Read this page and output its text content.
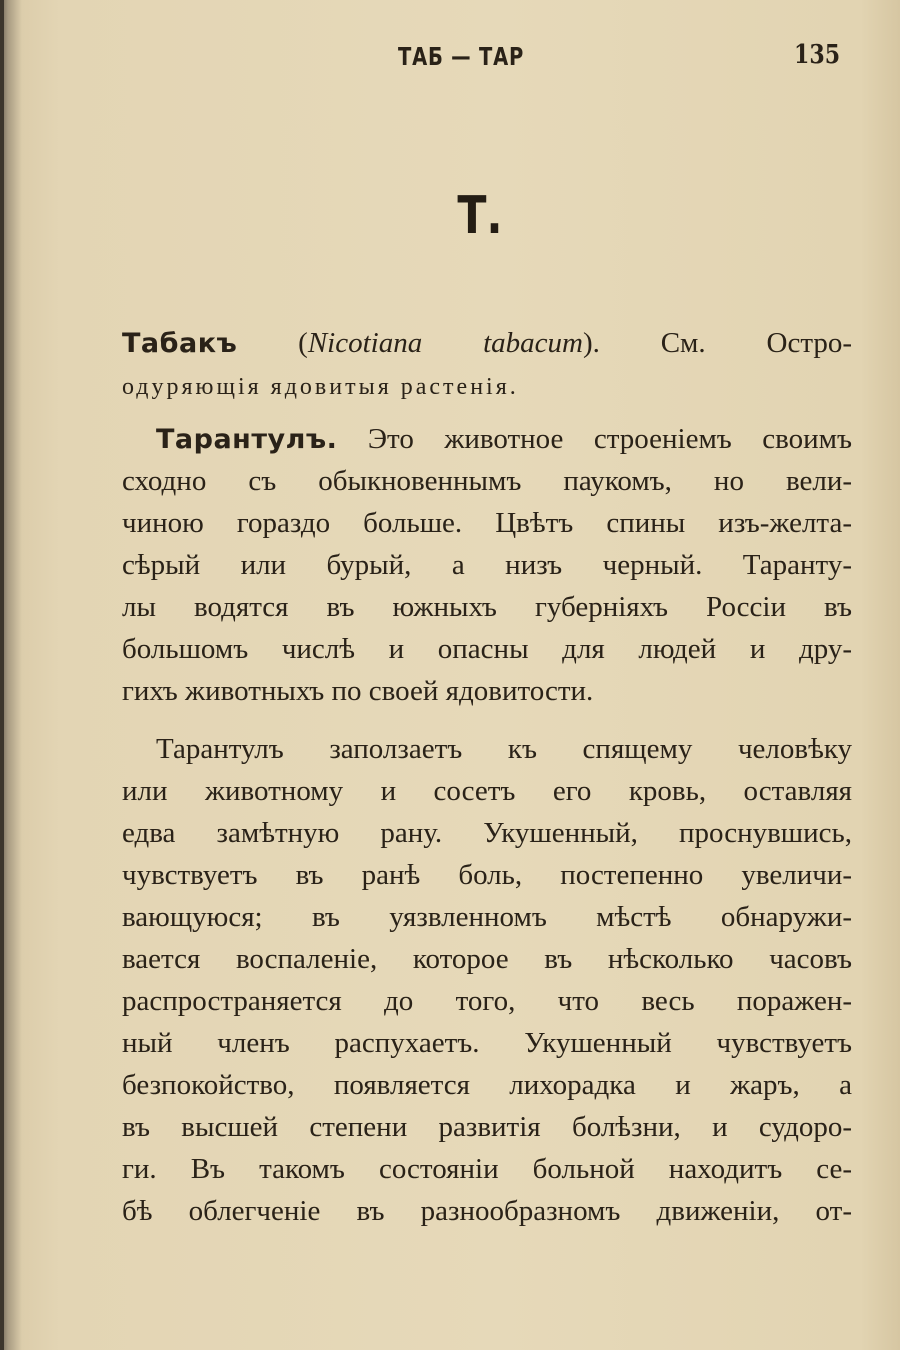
ТАБ — ТАР	135
Т.
Табакъ (Nicotiana tabacum). См. Остро-
одуряющія ядовитыя растенія.
Тарантулъ. Это животное строеніемъ своимъ
сходно съ обыкновеннымъ паукомъ, но вели-
чиною гораздо больше. Цвѣтъ спины изъ-желта-
сѣрый или бурый, а низъ черный. Таранту-
лы водятся въ южныхъ губерніяхъ Россіи въ
большомъ числѣ и опасны для людей и дру-
гихъ животныхъ по своей ядовитости.
Тарантулъ заползаетъ къ спящему человѣку
или животному и сосетъ его кровь, оставляя
едва замѣтную рану. Укушенный, проснувшись,
чувствуетъ въ ранѣ боль, постепенно увеличи-
вающуюся; въ уязвленномъ мѣстѣ обнаружи-
вается воспаленіе, которое въ нѣсколько часовъ
распространяется до того, что весь поражен-
ный членъ распухаетъ. Укушенный чувствуетъ
безпокойство, появляется лихорадка и жаръ, а
въ высшей степени развитія болѣзни, и судоро-
ги. Въ такомъ состояніи больной находитъ се-
бѣ облегченіе въ разнообразномъ движеніи, от-
